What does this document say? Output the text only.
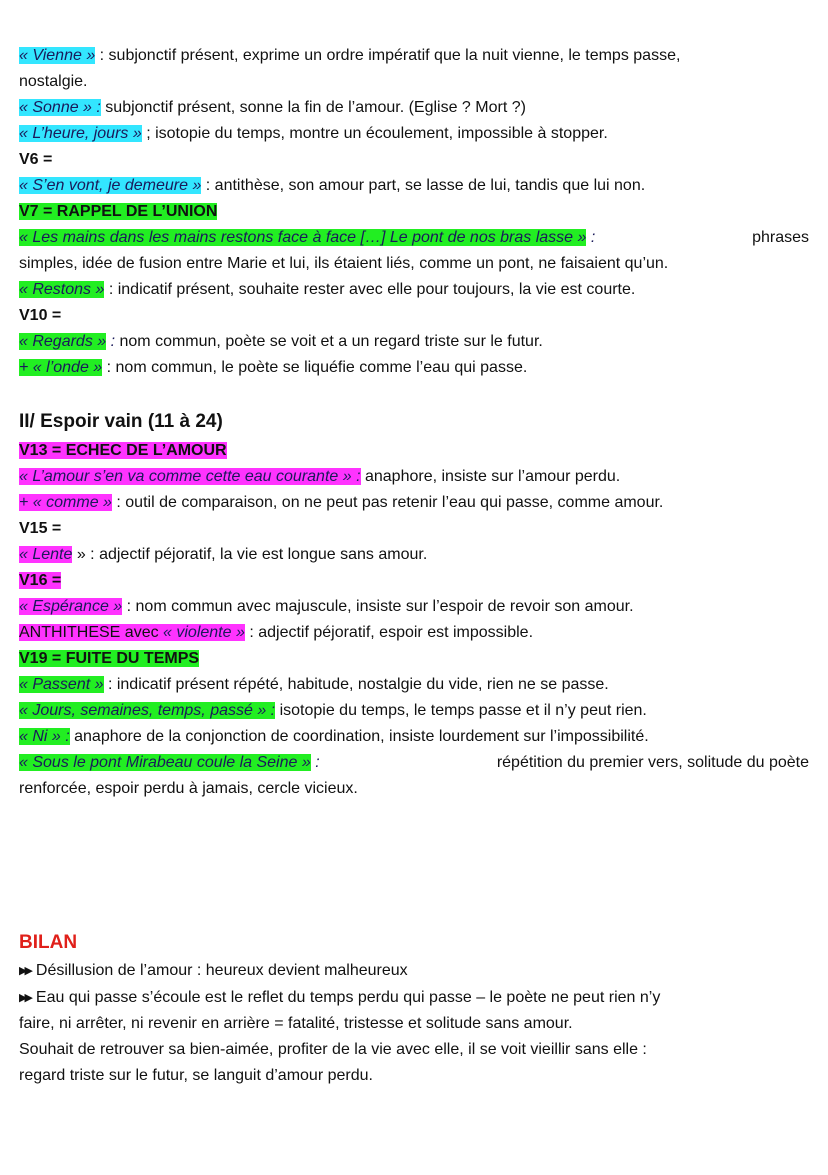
« Vienne » : subjonctif présent, exprime un ordre impératif que la nuit vienne, le temps passe,
nostalgie.
« Sonne » : subjonctif présent, sonne la fin de l’amour. (Eglise ? Mort ?)
« L’heure, jours » ; isotopie du temps, montre un écoulement, impossible à stopper.
V6 =
« S’en vont, je demeure » : antithèse, son amour part, se lasse de lui, tandis que lui non.
V7 = RAPPEL DE L’UNION
« Les mains dans les mains restons face à face […] Le pont de nos bras lasse » :	phrases
simples, idée de fusion entre Marie et lui, ils étaient liés, comme un pont, ne faisaient qu’un.
« Restons » : indicatif présent, souhaite rester avec elle pour toujours, la vie est courte.
V10 =
« Regards » : nom commun, poète se voit et a un regard triste sur le futur.
+ « l’onde » : nom commun, le poète se liquéfie comme l’eau qui passe.
II/ Espoir vain (11 à 24)
V13 = ECHEC DE L’AMOUR
« L’amour s’en va comme cette eau courante » : anaphore, insiste sur l’amour perdu.
+ « comme » : outil de comparaison, on ne peut pas retenir l’eau qui passe, comme amour.
V15 =
« Lente » : adjectif péjoratif, la vie est longue sans amour.
V16 =
« Espérance » : nom commun avec majuscule, insiste sur l’espoir de revoir son amour.
ANTHITHESE avec « violente » : adjectif péjoratif, espoir est impossible.
V19 = FUITE DU TEMPS
« Passent » : indicatif présent répété, habitude, nostalgie du vide, rien ne se passe.
« Jours, semaines, temps, passé » : isotopie du temps, le temps passe et il n’y peut rien.
« Ni » : anaphore de la conjonction de coordination, insiste lourdement sur l’impossibilité.
« Sous le pont Mirabeau coule la Seine » :	répétition du premier vers, solitude du poète
renforcée, espoir perdu à jamais, cercle vicieux.
BILAN
▶▶ Désillusion de l’amour : heureux devient malheureux
▶▶ Eau qui passe s’écoule est le reflet du temps perdu qui passe – le poète ne peut rien n’y
faire, ni arrêter, ni revenir en arrière = fatalité, tristesse et solitude sans amour.
Souhait de retrouver sa bien-aimée, profiter de la vie avec elle, il se voit vieillir sans elle :
regard triste sur le futur, se languit d’amour perdu.
